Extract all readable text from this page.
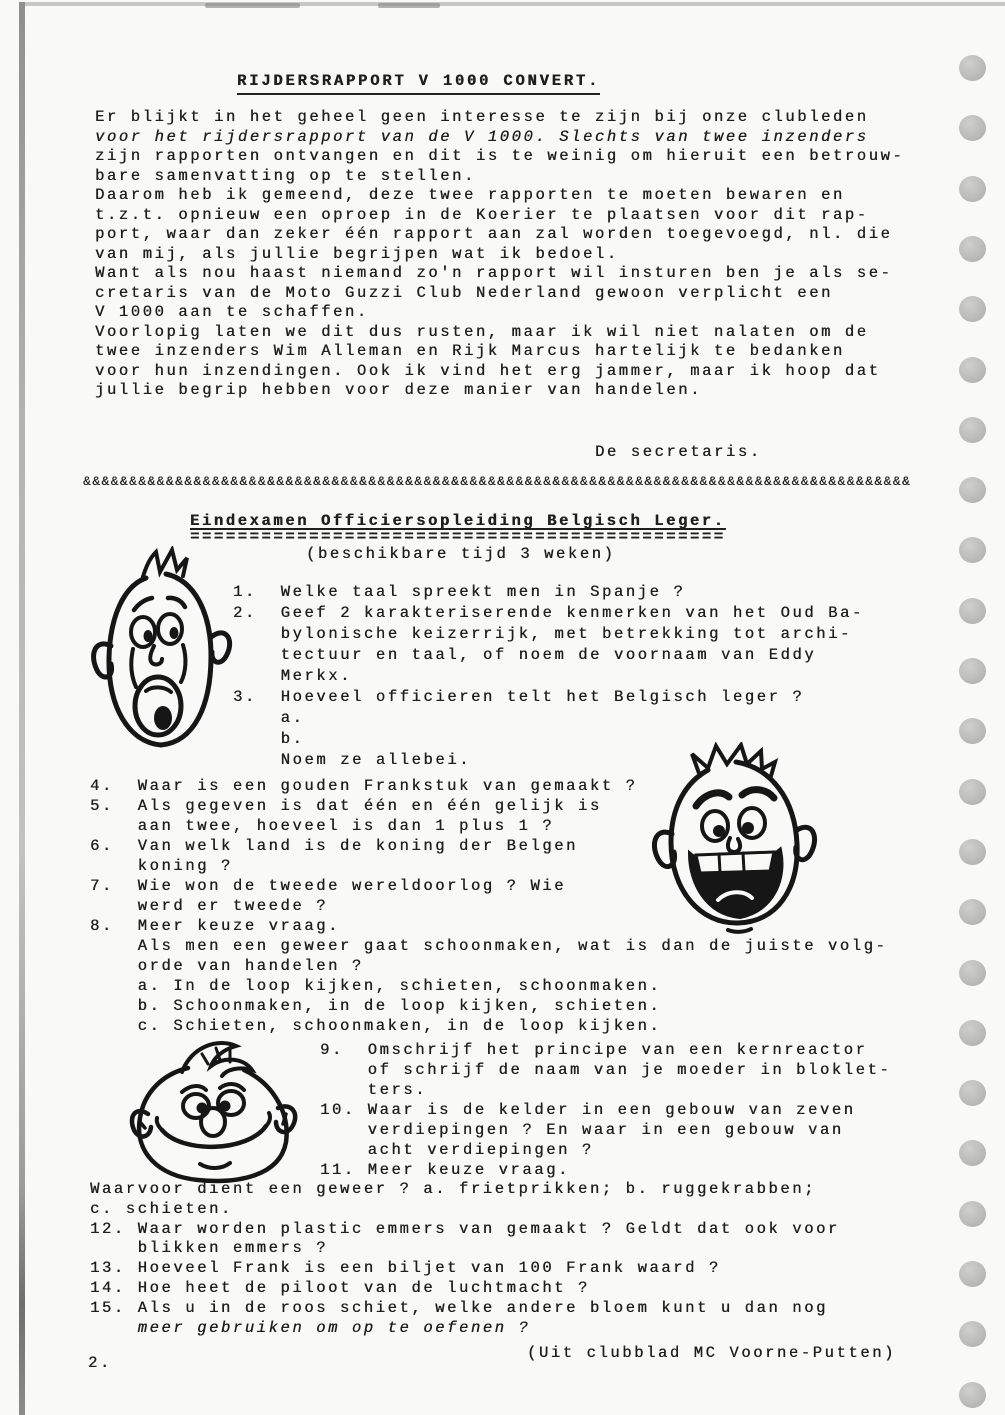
RIJDERSRAPPORT V 1000 CONVERT.
Er blijkt in het geheel geen interesse te zijn bij onze clubleden
voor het rijdersrapport van de V 1000. Slechts van twee inzenders
zijn rapporten ontvangen en dit is te weinig om hieruit een betrouw-
bare samenvatting op te stellen.
Daarom heb ik gemeend, deze twee rapporten te moeten bewaren en
t.z.t. opnieuw een oproep in de Koerier te plaatsen voor dit rap-
port, waar dan zeker één rapport aan zal worden toegevoegd, nl. die
van mij, als jullie begrijpen wat ik bedoel.
Want als nou haast niemand zo'n rapport wil insturen ben je als se-
cretaris van de Moto Guzzi Club Nederland gewoon verplicht een
V 1000 aan te schaffen.
Voorlopig laten we dit dus rusten, maar ik wil niet nalaten om de
twee inzenders Wim Alleman en Rijk Marcus hartelijk te bedanken
voor hun inzendingen. Ook ik vind het erg jammer, maar ik hoop dat
jullie begrip hebben voor deze manier van handelen.
De secretaris.
&&&&&&&&&&&&&&&&&&&&&&&&&&&&&&&&&&&&&&&&&&&&&&&&&&&&&&&&&&&&&&&&&&&&&&&&&&&&&&&&&&&&&&&&&&
Eindexamen Officiersopleiding Belgisch Leger.
=============================================
(beschikbare tijd 3 weken)
1.  Welke taal spreekt men in Spanje ?
2.  Geef 2 karakteriserende kenmerken van het Oud Ba-
bylonische keizerrijk, met betrekking tot archi-
tectuur en taal, of noem de voornaam van Eddy
Merkx.
3.  Hoeveel officieren telt het Belgisch leger ?
a.
b.
Noem ze allebei.
4.  Waar is een gouden Frankstuk van gemaakt ?
5.  Als gegeven is dat één en één gelijk is
aan twee, hoeveel is dan 1 plus 1 ?
6.  Van welk land is de koning der Belgen
koning ?
7.  Wie won de tweede wereldoorlog ? Wie
werd er tweede ?
8.  Meer keuze vraag.
Als men een geweer gaat schoonmaken, wat is dan de juiste volg-
orde van handelen ?
a. In de loop kijken, schieten, schoonmaken.
b. Schoonmaken, in de loop kijken, schieten.
c. Schieten, schoonmaken, in de loop kijken.
9.  Omschrijf het principe van een kernreactor
of schrijf de naam van je moeder in bloklet-
ters.
10. Waar is de kelder in een gebouw van zeven
verdiepingen ? En waar in een gebouw van
acht verdiepingen ?
11. Meer keuze vraag.
Waarvoor dient een geweer ? a. frietprikken; b. ruggekrabben;
c. schieten.
12. Waar worden plastic emmers van gemaakt ? Geldt dat ook voor
blikken emmers ?
13. Hoeveel Frank is een biljet van 100 Frank waard ?
14. Hoe heet de piloot van de luchtmacht ?
15. Als u in de roos schiet, welke andere bloem kunt u dan nog
meer gebruiken om op te oefenen ?
(Uit clubblad MC Voorne-Putten)
2.
